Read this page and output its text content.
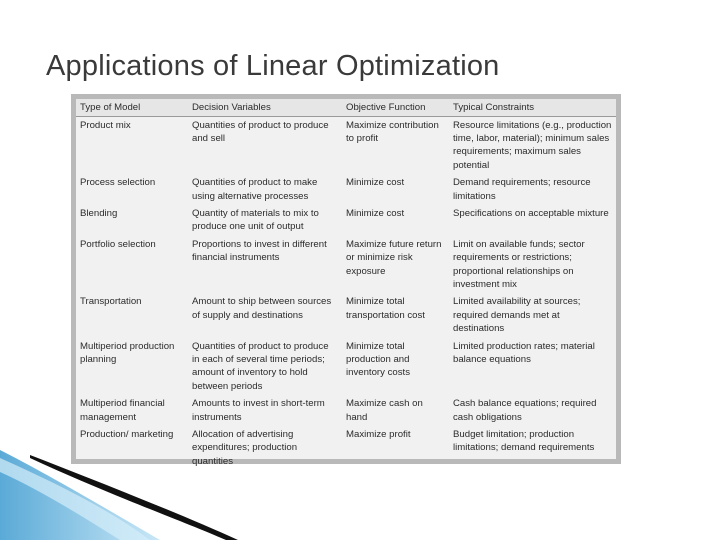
Applications of Linear Optimization
Type of Model	Decision Variables	Objective Function	Typical Constraints
Product mix	Quantities of product to produce and sell	Maximize contribution to profit	Resource limitations (e.g., production time, labor, material); minimum sales requirements; maximum sales potential
Process selection	Quantities of product to make using alternative processes	Minimize cost	Demand requirements; resource limitations
Blending	Quantity of materials to mix to produce one unit of output	Minimize cost	Specifications on acceptable mixture
Portfolio selection	Proportions to invest in different financial instruments	Maximize future return or minimize risk exposure	Limit on available funds; sector requirements or restrictions; proportional relationships on investment mix
Transportation	Amount to ship between sources of supply and destinations	Minimize total transportation cost	Limited availability at sources; required demands met at destinations
Multiperiod production planning	Quantities of product to produce in each of several time periods; amount of inventory to hold between periods	Minimize total production and inventory costs	Limited production rates; material balance equations
Multiperiod financial management	Amounts to invest in short-term instruments	Maximize cash on hand	Cash balance equations; required cash obligations
Production/ marketing	Allocation of advertising expenditures; production quantities	Maximize profit	Budget limitation; production limitations; demand requirements
